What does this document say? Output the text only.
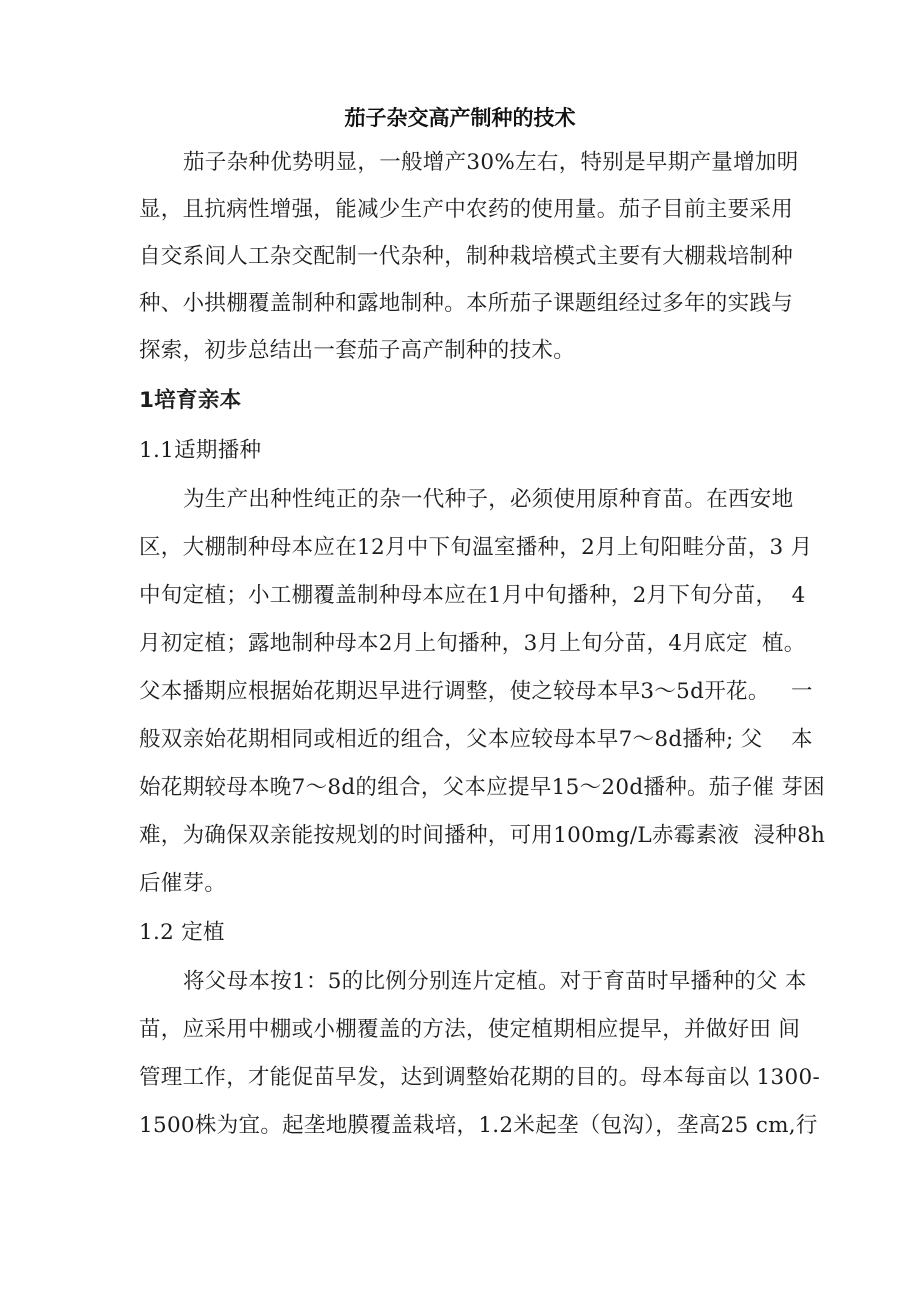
茄子杂交高产制种的技术
茄子杂种优势明显，一般增产30%左右，特别是早期产量增加明
显，且抗病性增强，能减少生产中农药的使用量。茄子目前主要采用
自交系间人工杂交配制一代杂种，制种栽培模式主要有大棚栽培制种
种、小拱棚覆盖制种和露地制种。本所茄子课题组经过多年的实践与
探索，初步总结出一套茄子高产制种的技术。
1培育亲本
1.1适期播种
为生产出种性纯正的杂一代种子，必须使用原种育苗。在西安地
区，大棚制种母本应在12月中下旬温室播种，2月上旬阳畦分苗，3 月
中旬定植；小工棚覆盖制种母本应在1月中旬播种，2月下旬分苗，  4
月初定植；露地制种母本2月上旬播种，3月上旬分苗，4月底定  植。
父本播期应根据始花期迟早进行调整，使之较母本早3〜5d开花。   一
般双亲始花期相同或相近的组合，父本应较母本早7〜8d播种; 父    本
始花期较母本晚7〜8d的组合，父本应提早15〜20d播种。茄子催 芽困
难，为确保双亲能按规划的时间播种，可用100mg/L赤霉素液  浸种8h
后催芽。
1.2 定植
将父母本按1：5的比例分别连片定植。对于育苗时早播种的父 本
苗，应采用中棚或小棚覆盖的方法，使定植期相应提早，并做好田 间
管理工作，才能促苗早发，达到调整始花期的目的。母本每亩以 1300-
1500株为宜。起垄地膜覆盖栽培，1.2米起垄（包沟），垄高25 cm,行
